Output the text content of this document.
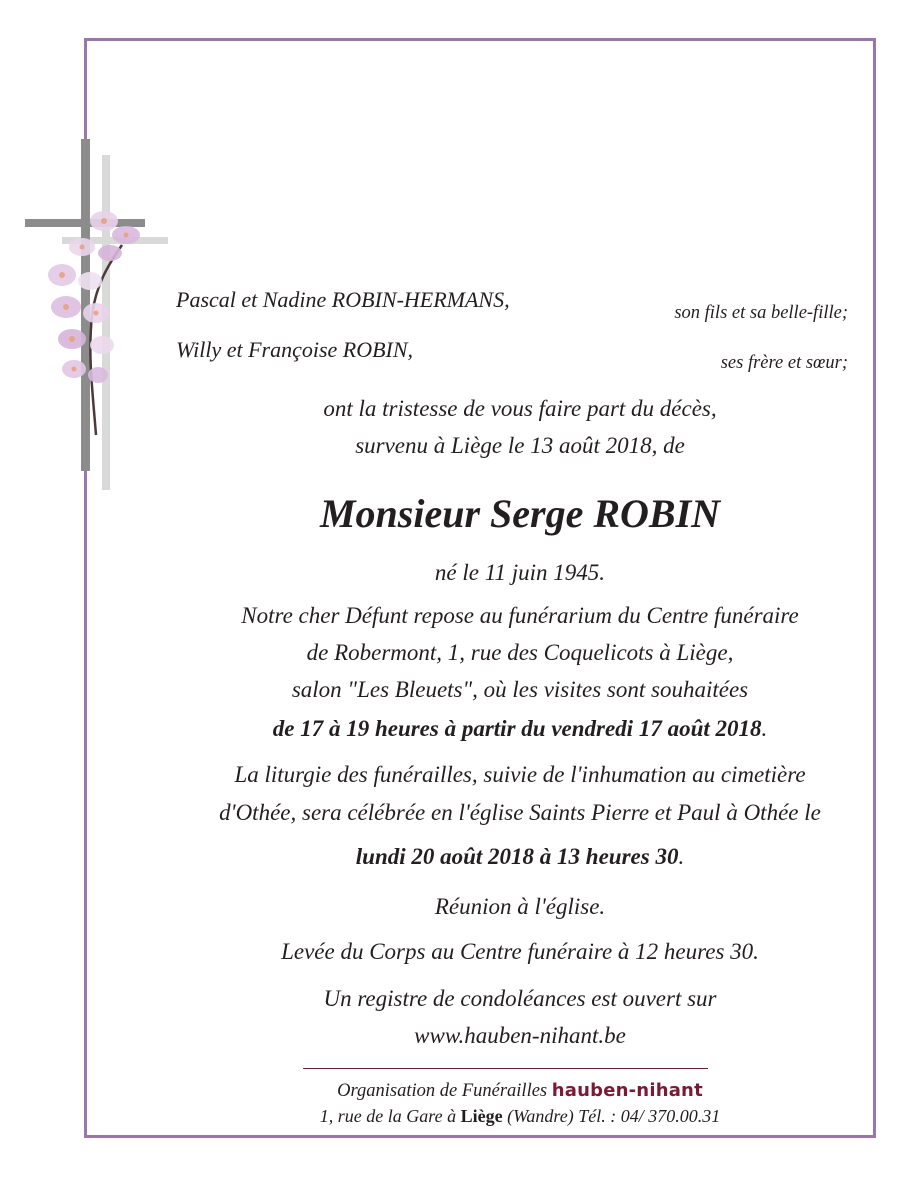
Pascal et Nadine ROBIN-HERMANS,
son fils et sa belle-fille;
Willy et Françoise ROBIN,
ses frère et sœur;
ont la tristesse de vous faire part du décès,
survenu à Liège le 13 août 2018, de
Monsieur Serge ROBIN
né le 11 juin 1945.
Notre cher Défunt repose au funérarium du Centre funéraire
de Robermont, 1, rue des Coquelicots à Liège,
salon "Les Bleuets", où les visites sont souhaitées
de 17 à 19 heures à partir du vendredi 17 août 2018.
La liturgie des funérailles, suivie de l'inhumation au cimetière
d'Othée, sera célébrée en l'église Saints Pierre et Paul à Othée le
lundi 20 août 2018 à 13 heures 30.
Réunion à l'église.
Levée du Corps au Centre funéraire à 12 heures 30.
Un registre de condoléances est ouvert sur
www.hauben-nihant.be
Organisation de Funérailles hauben-nihant
1, rue de la Gare à Liège (Wandre) Tél. : 04/ 370.00.31
